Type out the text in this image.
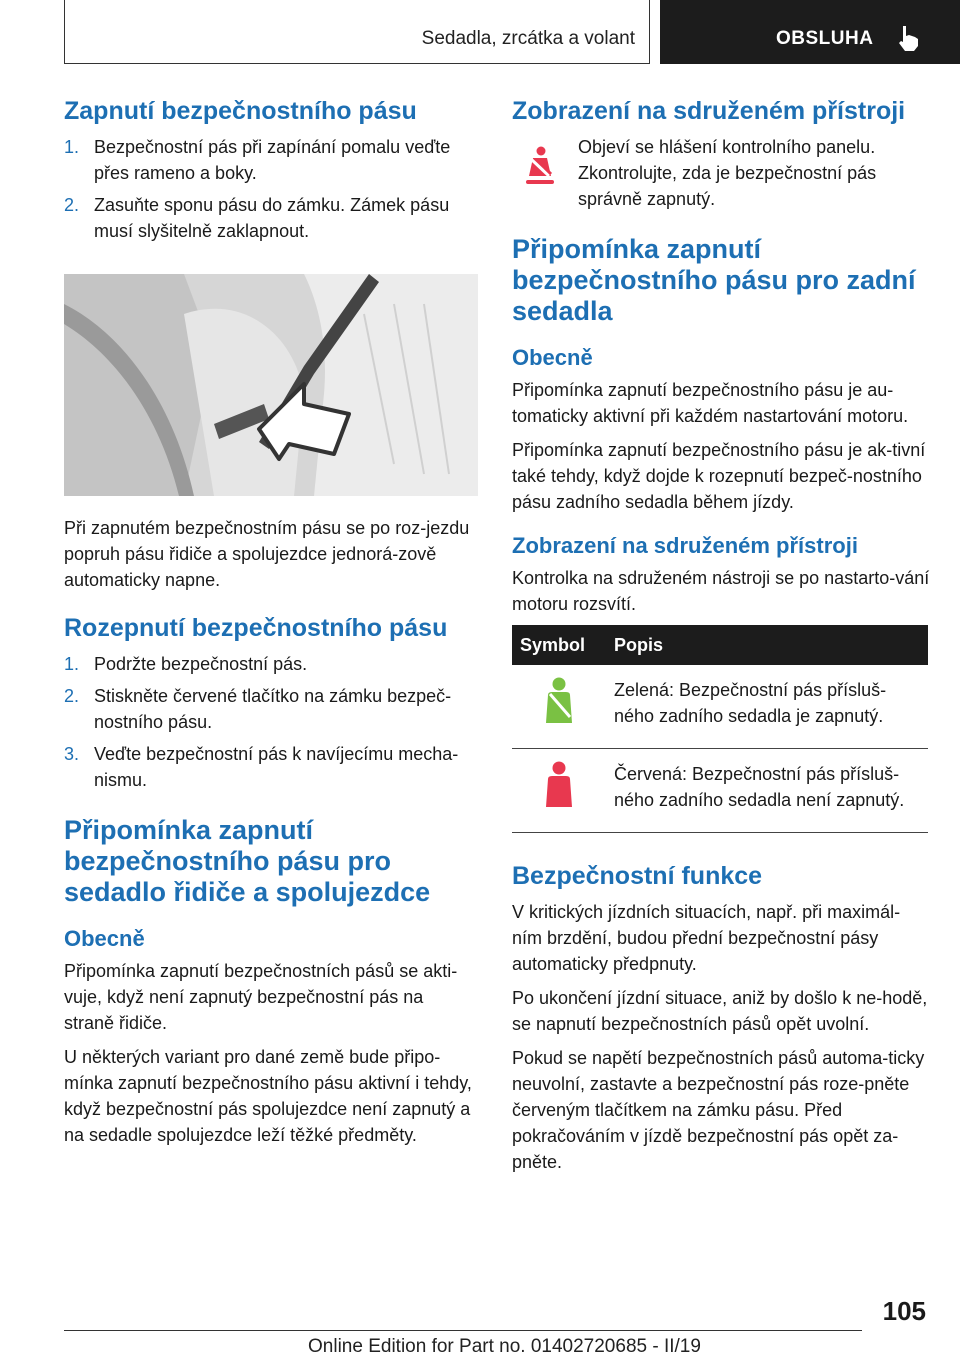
Sedadla, zrcátka a volant	OBSLUHA
Zapnutí bezpečnostního pásu
1. Bezpečnostní pás při zapínání pomalu veďte přes rameno a boky.
2. Zasuňte sponu pásu do zámku. Zámek pásu musí slyšitelně zaklapnout.

Při zapnutém bezpečnostním pásu se po roz-jezdu popruh pásu řidiče a spolujezdce jednorá-zově automaticky napne.

Rozepnutí bezpečnostního pásu
1. Podržte bezpečnostní pás.
2. Stiskněte červené tlačítko na zámku bezpeč-nostního pásu.
3. Veďte bezpečnostní pás k navíjecímu mecha-nismu.
Připomínka zapnutí bezpečnostního pásu pro sedadlo řidiče a spolujezdce
Obecně

Připomínka zapnutí bezpečnostních pásů se akti-vuje, když není zapnutý bezpečnostní pás na straně řidiče.

U některých variant pro dané země bude připo-mínka zapnutí bezpečnostního pásu aktivní i tehdy, když bezpečnostní pás spolujezdce není zapnutý a na sedadle spolujezdce leží těžké předměty.

Zobrazení na sdruženém přístroji

Objeví se hlášení kontrolního panelu. Zkontrolujte, zda je bezpečnostní pás správně zapnutý.

Připomínka zapnutí bezpečnostního pásu pro zadní sedadla
Obecně

Připomínka zapnutí bezpečnostního pásu je au-tomaticky aktivní při každém nastartování motoru.

Připomínka zapnutí bezpečnostního pásu je ak-tivní také tehdy, když dojde k rozepnutí bezpeč-nostního pásu zadního sedadla během jízdy.

Zobrazení na sdruženém přístroji

Kontrolka na sdruženém nástroji se po nastarto-vání motoru rozsvítí.

Symbol	Popis
	Zelená: Bezpečnostní pás přísluš-ného zadního sedadla je zapnutý.
	Červená: Bezpečnostní pás přísluš-ného zadního sedadla není zapnutý.
Bezpečnostní funkce

V kritických jízdních situacích, např. při maximál-ním brzdění, budou přední bezpečnostní pásy automaticky předpnuty.

Po ukončení jízdní situace, aniž by došlo k ne-hodě, se napnutí bezpečnostních pásů opět uvolní.

Pokud se napětí bezpečnostních pásů automa-ticky neuvolní, zastavte a bezpečnostní pás roze-pněte červeným tlačítkem na zámku pásu. Před pokračováním v jízdě bezpečnostní pás opět za-pněte.

105
Online Edition for Part no. 01402720685 - II/19
